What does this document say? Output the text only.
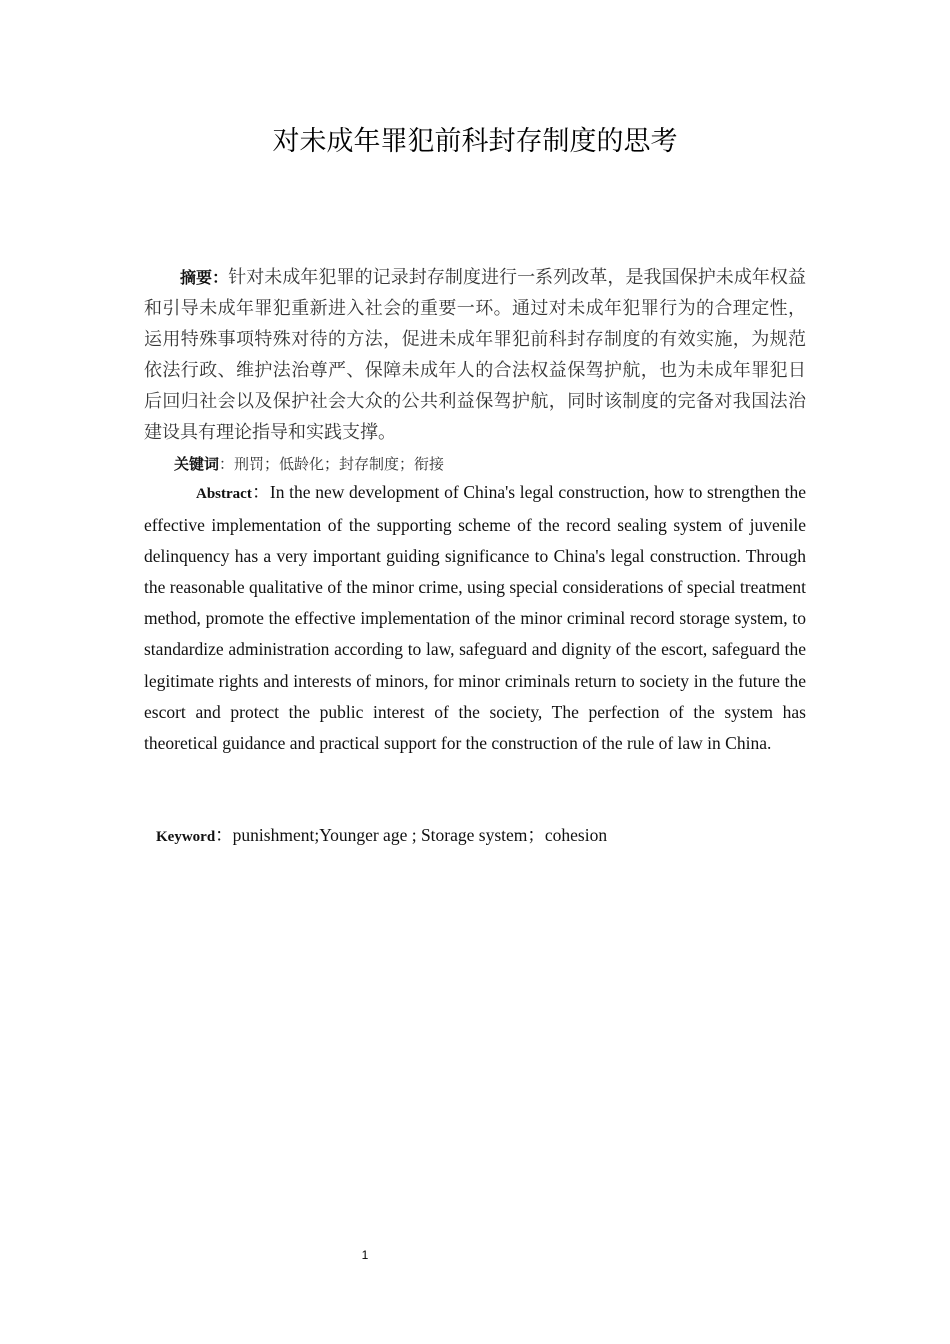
对未成年罪犯前科封存制度的思考

摘要：针对未成年犯罪的记录封存制度进行一系列改革，是我国保护未成年权益和引导未成年罪犯重新进入社会的重要一环。通过对未成年犯罪行为的合理定性，运用特殊事项特殊对待的方法，促进未成年罪犯前科封存制度的有效实施，为规范依法行政、维护法治尊严、保障未成年人的合法权益保驾护航，也为未成年罪犯日后回归社会以及保护社会大众的公共利益保驾护航，同时该制度的完备对我国法治建设具有理论指导和实践支撑。

关键词：刑罚；低龄化；封存制度；衔接

Abstract：In the new development of China's legal construction, how to strengthen the effective implementation of the supporting scheme of the record sealing system of juvenile delinquency has a very important guiding significance to China's legal construction. Through the reasonable qualitative of the minor crime, using special considerations of special treatment method, promote the effective implementation of the minor criminal record storage system, to standardize administration according to law, safeguard and dignity of the escort, safeguard the legitimate rights and interests of minors, for minor criminals return to society in the future the escort and protect the public interest of the society, The perfection of the system has theoretical guidance and practical support for the construction of the rule of law in China.

Keyword：punishment;Younger age ; Storage system；cohesion

1
